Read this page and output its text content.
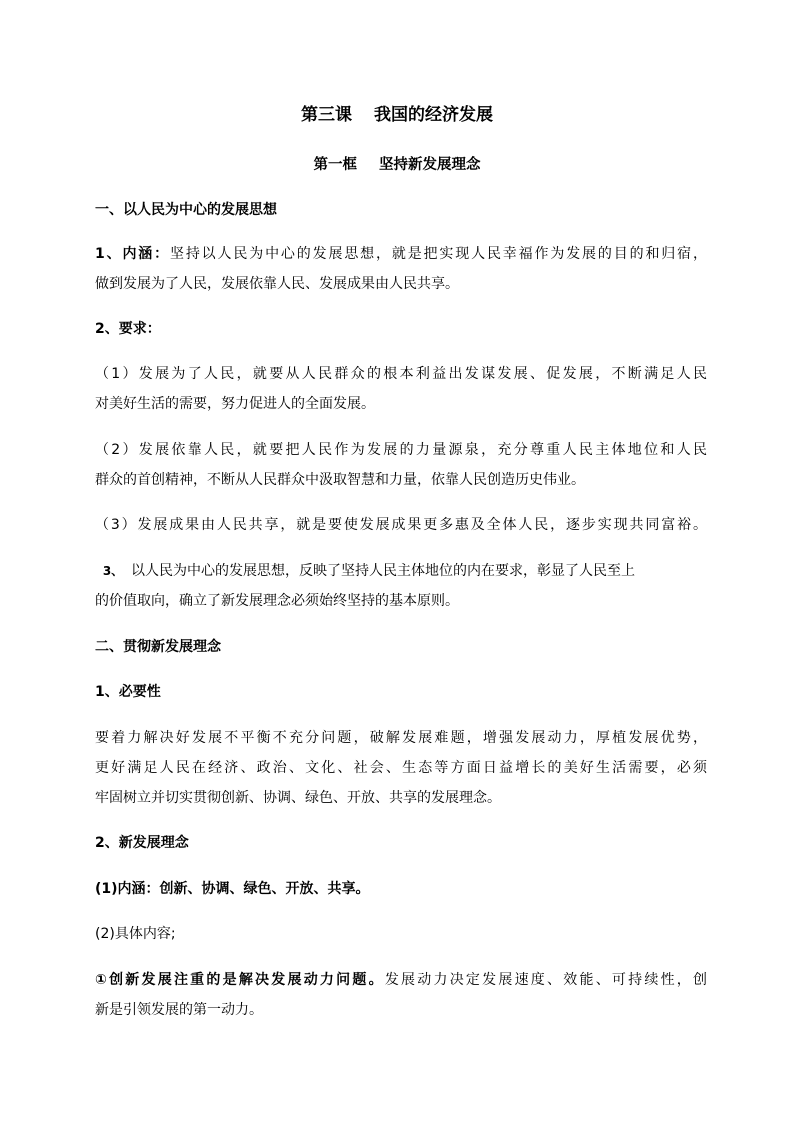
第三课 我国的经济发展
第一框 坚持新发展理念
一、以人民为中心的发展思想
1、内涵：坚持以人民为中心的发展思想，就是把实现人民幸福作为发展的目的和归宿，
做到发展为了人民，发展依靠人民、发展成果由人民共享。
2、要求：
（1）发展为了人民，就要从人民群众的根本利益出发谋发展、促发展，不断满足人民
对美好生活的需要，努力促进人的全面发展。
（2）发展依靠人民，就要把人民作为发展的力量源泉，充分尊重人民主体地位和人民
群众的首创精神，不断从人民群众中汲取智慧和力量，依靠人民创造历史伟业。
（3）发展成果由人民共享，就是要使发展成果更多惠及全体人民，逐步实现共同富裕。
3、 以人民为中心的发展思想，反映了坚持人民主体地位的内在要求，彰显了人民至上
的价值取向，确立了新发展理念必须始终坚持的基本原则。
二、贯彻新发展理念
1、必要性
要着力解决好发展不平衡不充分问题，破解发展难题，增强发展动力，厚植发展优势，
更好满足人民在经济、政治、文化、社会、生态等方面日益增长的美好生活需要，必须
牢固树立并切实贯彻创新、协调、绿色、开放、共享的发展理念。
2、新发展理念
(1)内涵：创新、协调、绿色、开放、共享。
(2)具体内容;
①创新发展注重的是解决发展动力问题。发展动力决定发展速度、效能、可持续性，创
新是引领发展的第一动力。
